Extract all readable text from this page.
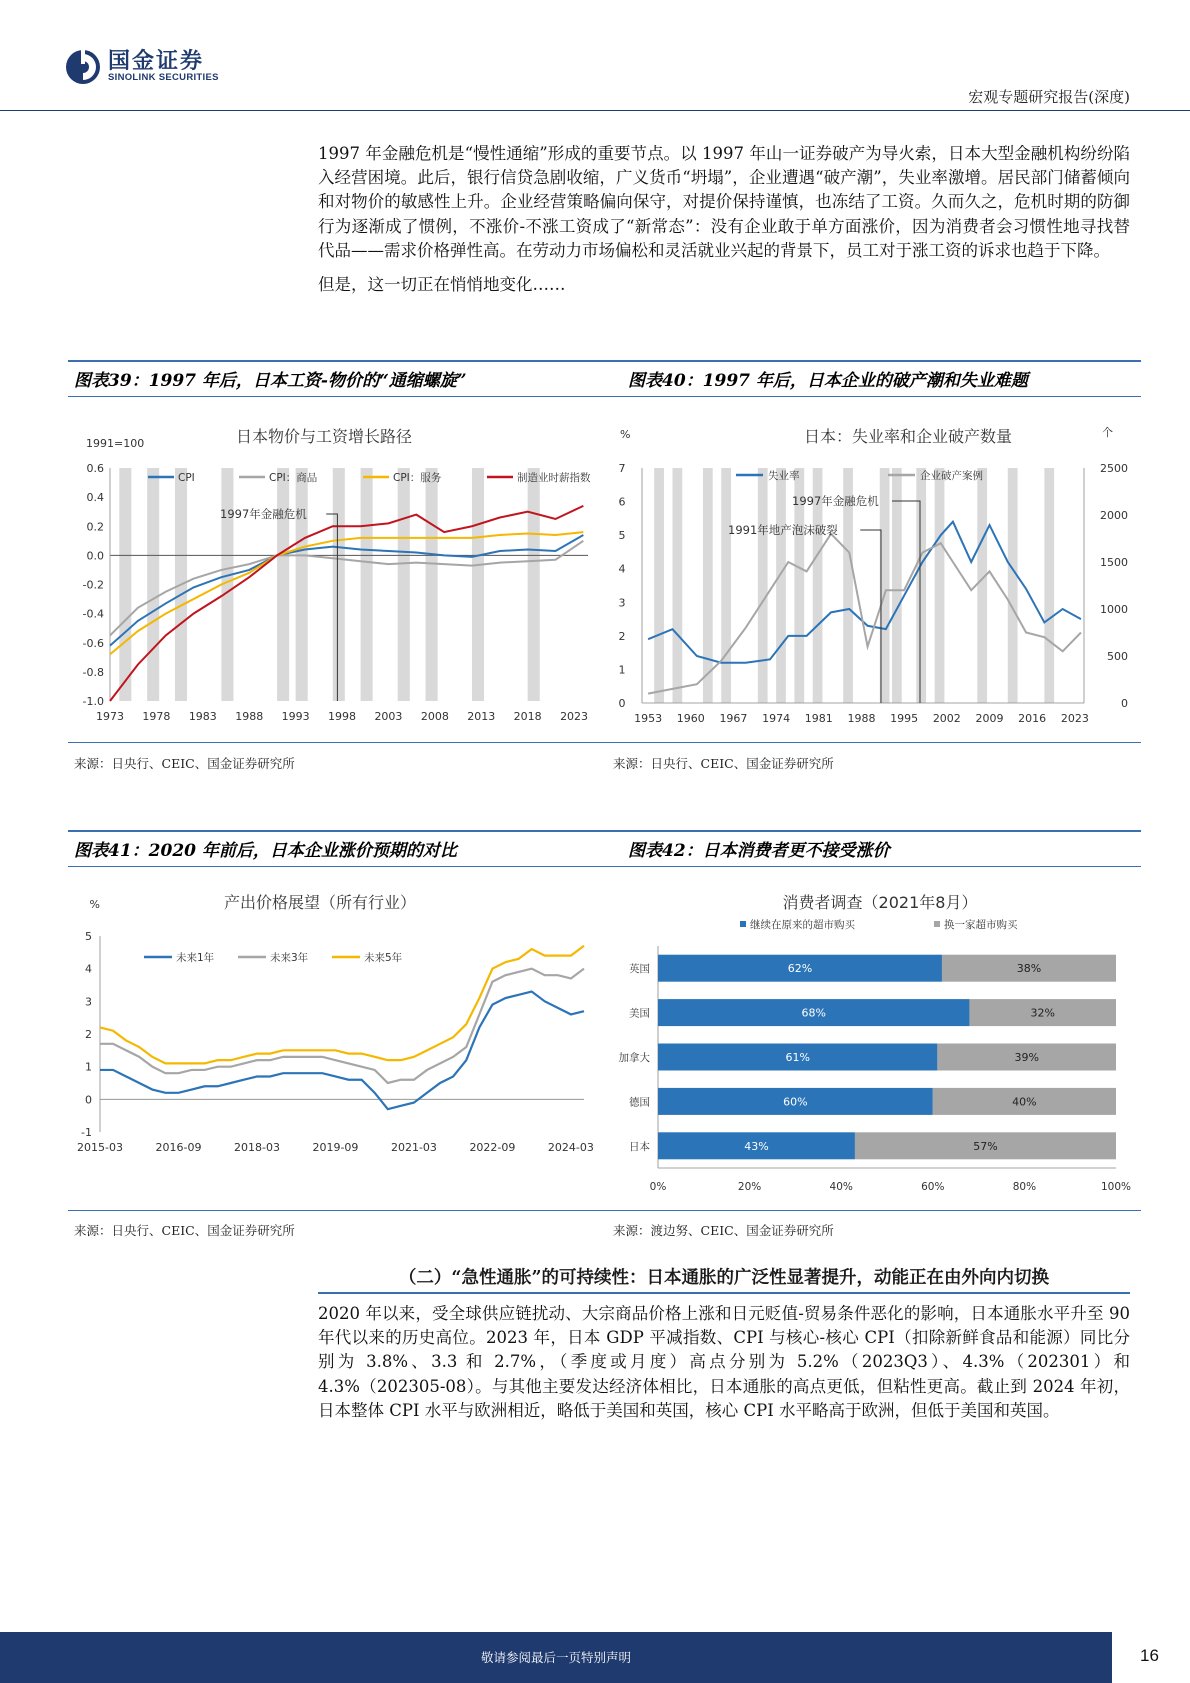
国金证券
SINOLINK SECURITIES
宏观专题研究报告(深度)

1997 年金融危机是“慢性通缩”形成的重要节点。以 1997 年山一证券破产为导火索，日本大型金融机构纷纷陷入经营困境。此后，银行信贷急剧收缩，广义货币“坍塌”，企业遭遇“破产潮”，失业率激增。居民部门储蓄倾向和对物价的敏感性上升。企业经营策略偏向保守，对提价保持谨慎，也冻结了工资。久而久之，危机时期的防御行为逐渐成了惯例，不涨价-不涨工资成了“新常态”：没有企业敢于单方面涨价，因为消费者会习惯性地寻找替代品——需求价格弹性高。在劳动力市场偏松和灵活就业兴起的背景下，员工对于涨工资的诉求也趋于下降。

但是，这一切正在悄悄地变化……

图表39：1997 年后，日本工资-物价的“通缩螺旋”	图表40：1997 年后，日本企业的破产潮和失业难题
日本物价与工资增长路径
1991=100
0.6
0.4
0.2
0.0
-0.2
-0.4
-0.6
-0.8
-1.0
1973 1978 1983 1988 1993 1998 2003 2008 2013 2018 2023
CPI	CPI：商品	CPI：服务	制造业时薪指数
1997年金融危机
日本：失业率和企业破产数量
%	个
7
6
5
4
3
2
1
0
2500
2000
1500
1000
500
0
1953 1960 1967 1974 1981 1988 1995 2002 2009 2016 2023
失业率	企业破产案例
1997年金融危机
1991年地产泡沫破裂
来源：日央行、CEIC、国金证券研究所	来源：日央行、CEIC、国金证券研究所
图表41：2020 年前后，日本企业涨价预期的对比	图表42：日本消费者更不接受涨价
产出价格展望（所有行业）
%
5
4
3
2
1
0
-1
2015-03	2016-09	2018-03	2019-09	2021-03	2022-09	2024-03
未来1年	未来3年	未来5年
消费者调查（2021年8月）
继续在原来的超市购买	换一家超市购买
英国	62%	38%
美国	68%	32%
加拿大	61%	39%
德国	60%	40%
日本	43%	57%
0%	20%	40%	60%	80%	100%
来源：日央行、CEIC、国金证券研究所	来源：渡边努、CEIC、国金证券研究所
（二）“急性通胀”的可持续性：日本通胀的广泛性显著提升，动能正在由外向内切换

2020 年以来，受全球供应链扰动、大宗商品价格上涨和日元贬值-贸易条件恶化的影响，日本通胀水平升至 90 年代以来的历史高位。2023 年，日本 GDP 平减指数、CPI 与核心-核心 CPI（扣除新鲜食品和能源）同比分别为 3.8%、3.3 和 2.7%，（季度或月度）高点分别为 5.2%（2023Q3）、4.3%（202301）和 4.3%（202305-08）。与其他主要发达经济体相比，日本通胀的高点更低，但粘性更高。截止到 2024 年初，日本整体 CPI 水平与欧洲相近，略低于美国和英国，核心 CPI 水平略高于欧洲，但低于美国和英国。

敬请参阅最后一页特别声明	16
